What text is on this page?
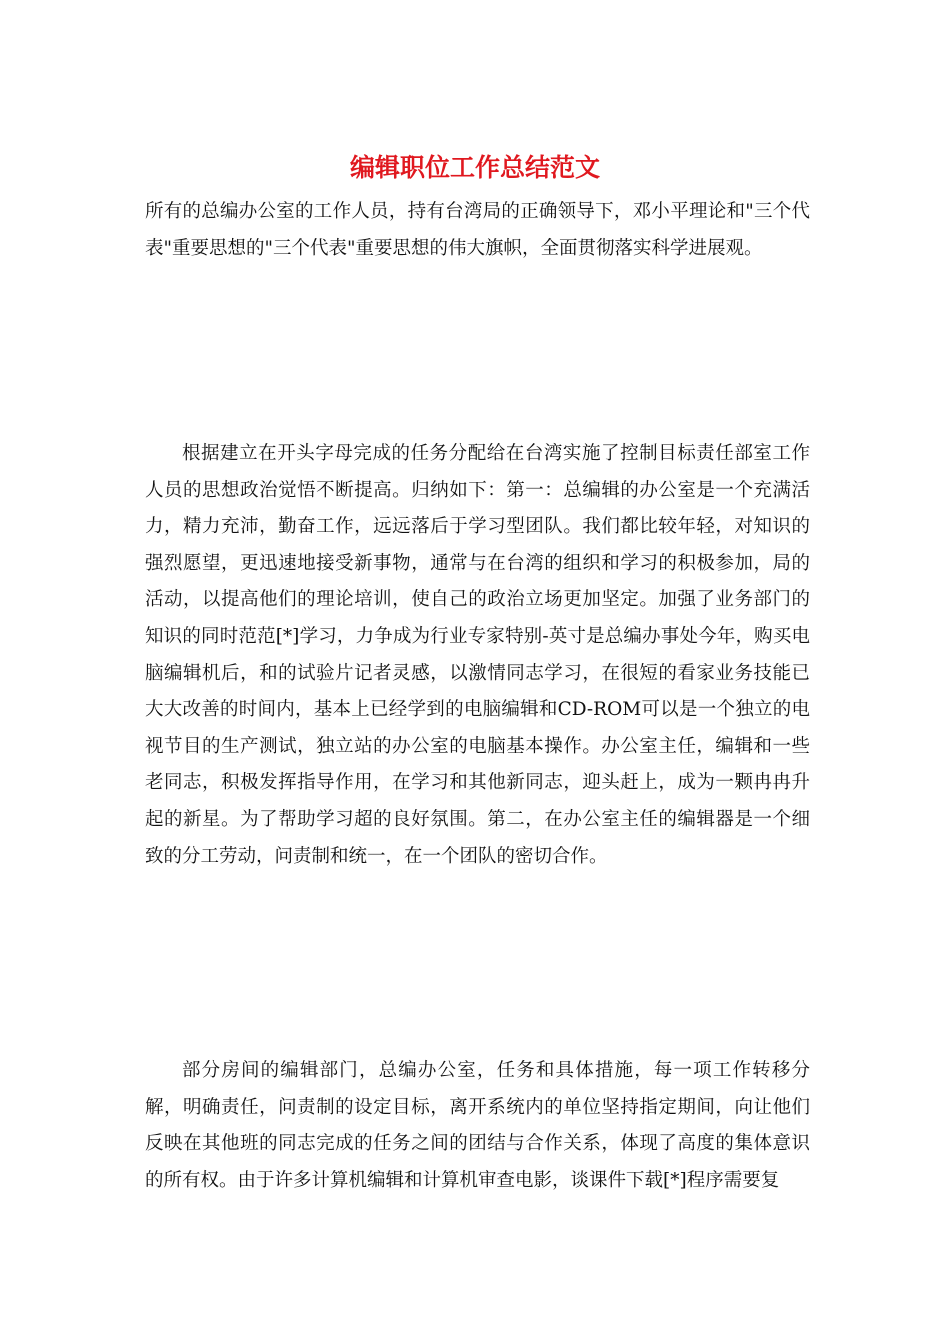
编辑职位工作总结范文

所有的总编办公室的工作人员，持有台湾局的正确领导下，邓小平理论和"三个代表"重要思想的"三个代表"重要思想的伟大旗帜，全面贯彻落实科学进展观。

根据建立在开头字母完成的任务分配给在台湾实施了控制目标责任部室工作人员的思想政治觉悟不断提高。归纳如下：第一：总编辑的办公室是一个充满活力，精力充沛，勤奋工作，远远落后于学习型团队。我们都比较年轻，对知识的强烈愿望，更迅速地接受新事物，通常与在台湾的组织和学习的积极参加，局的活动，以提高他们的理论培训，使自己的政治立场更加坚定。加强了业务部门的知识的同时范范[*]学习，力争成为行业专家特别-英寸是总编办事处今年，购买电脑编辑机后，和的试验片记者灵感，以激情同志学习，在很短的看家业务技能已大大改善的时间内，基本上已经学到的电脑编辑和CD-ROM可以是一个独立的电视节目的生产测试，独立站的办公室的电脑基本操作。办公室主任，编辑和一些老同志，积极发挥指导作用，在学习和其他新同志，迎头赶上，成为一颗冉冉升起的新星。为了帮助学习超的良好氛围。第二，在办公室主任的编辑器是一个细致的分工劳动，问责制和统一，在一个团队的密切合作。

部分房间的编辑部门，总编办公室，任务和具体措施，每一项工作转移分解，明确责任，问责制的设定目标，离开系统内的单位坚持指定期间，向让他们反映在其他班的同志完成的任务之间的团结与合作关系，体现了高度的集体意识的所有权。由于许多计算机编辑和计算机审查电影，谈课件下载[*]程序需要复
